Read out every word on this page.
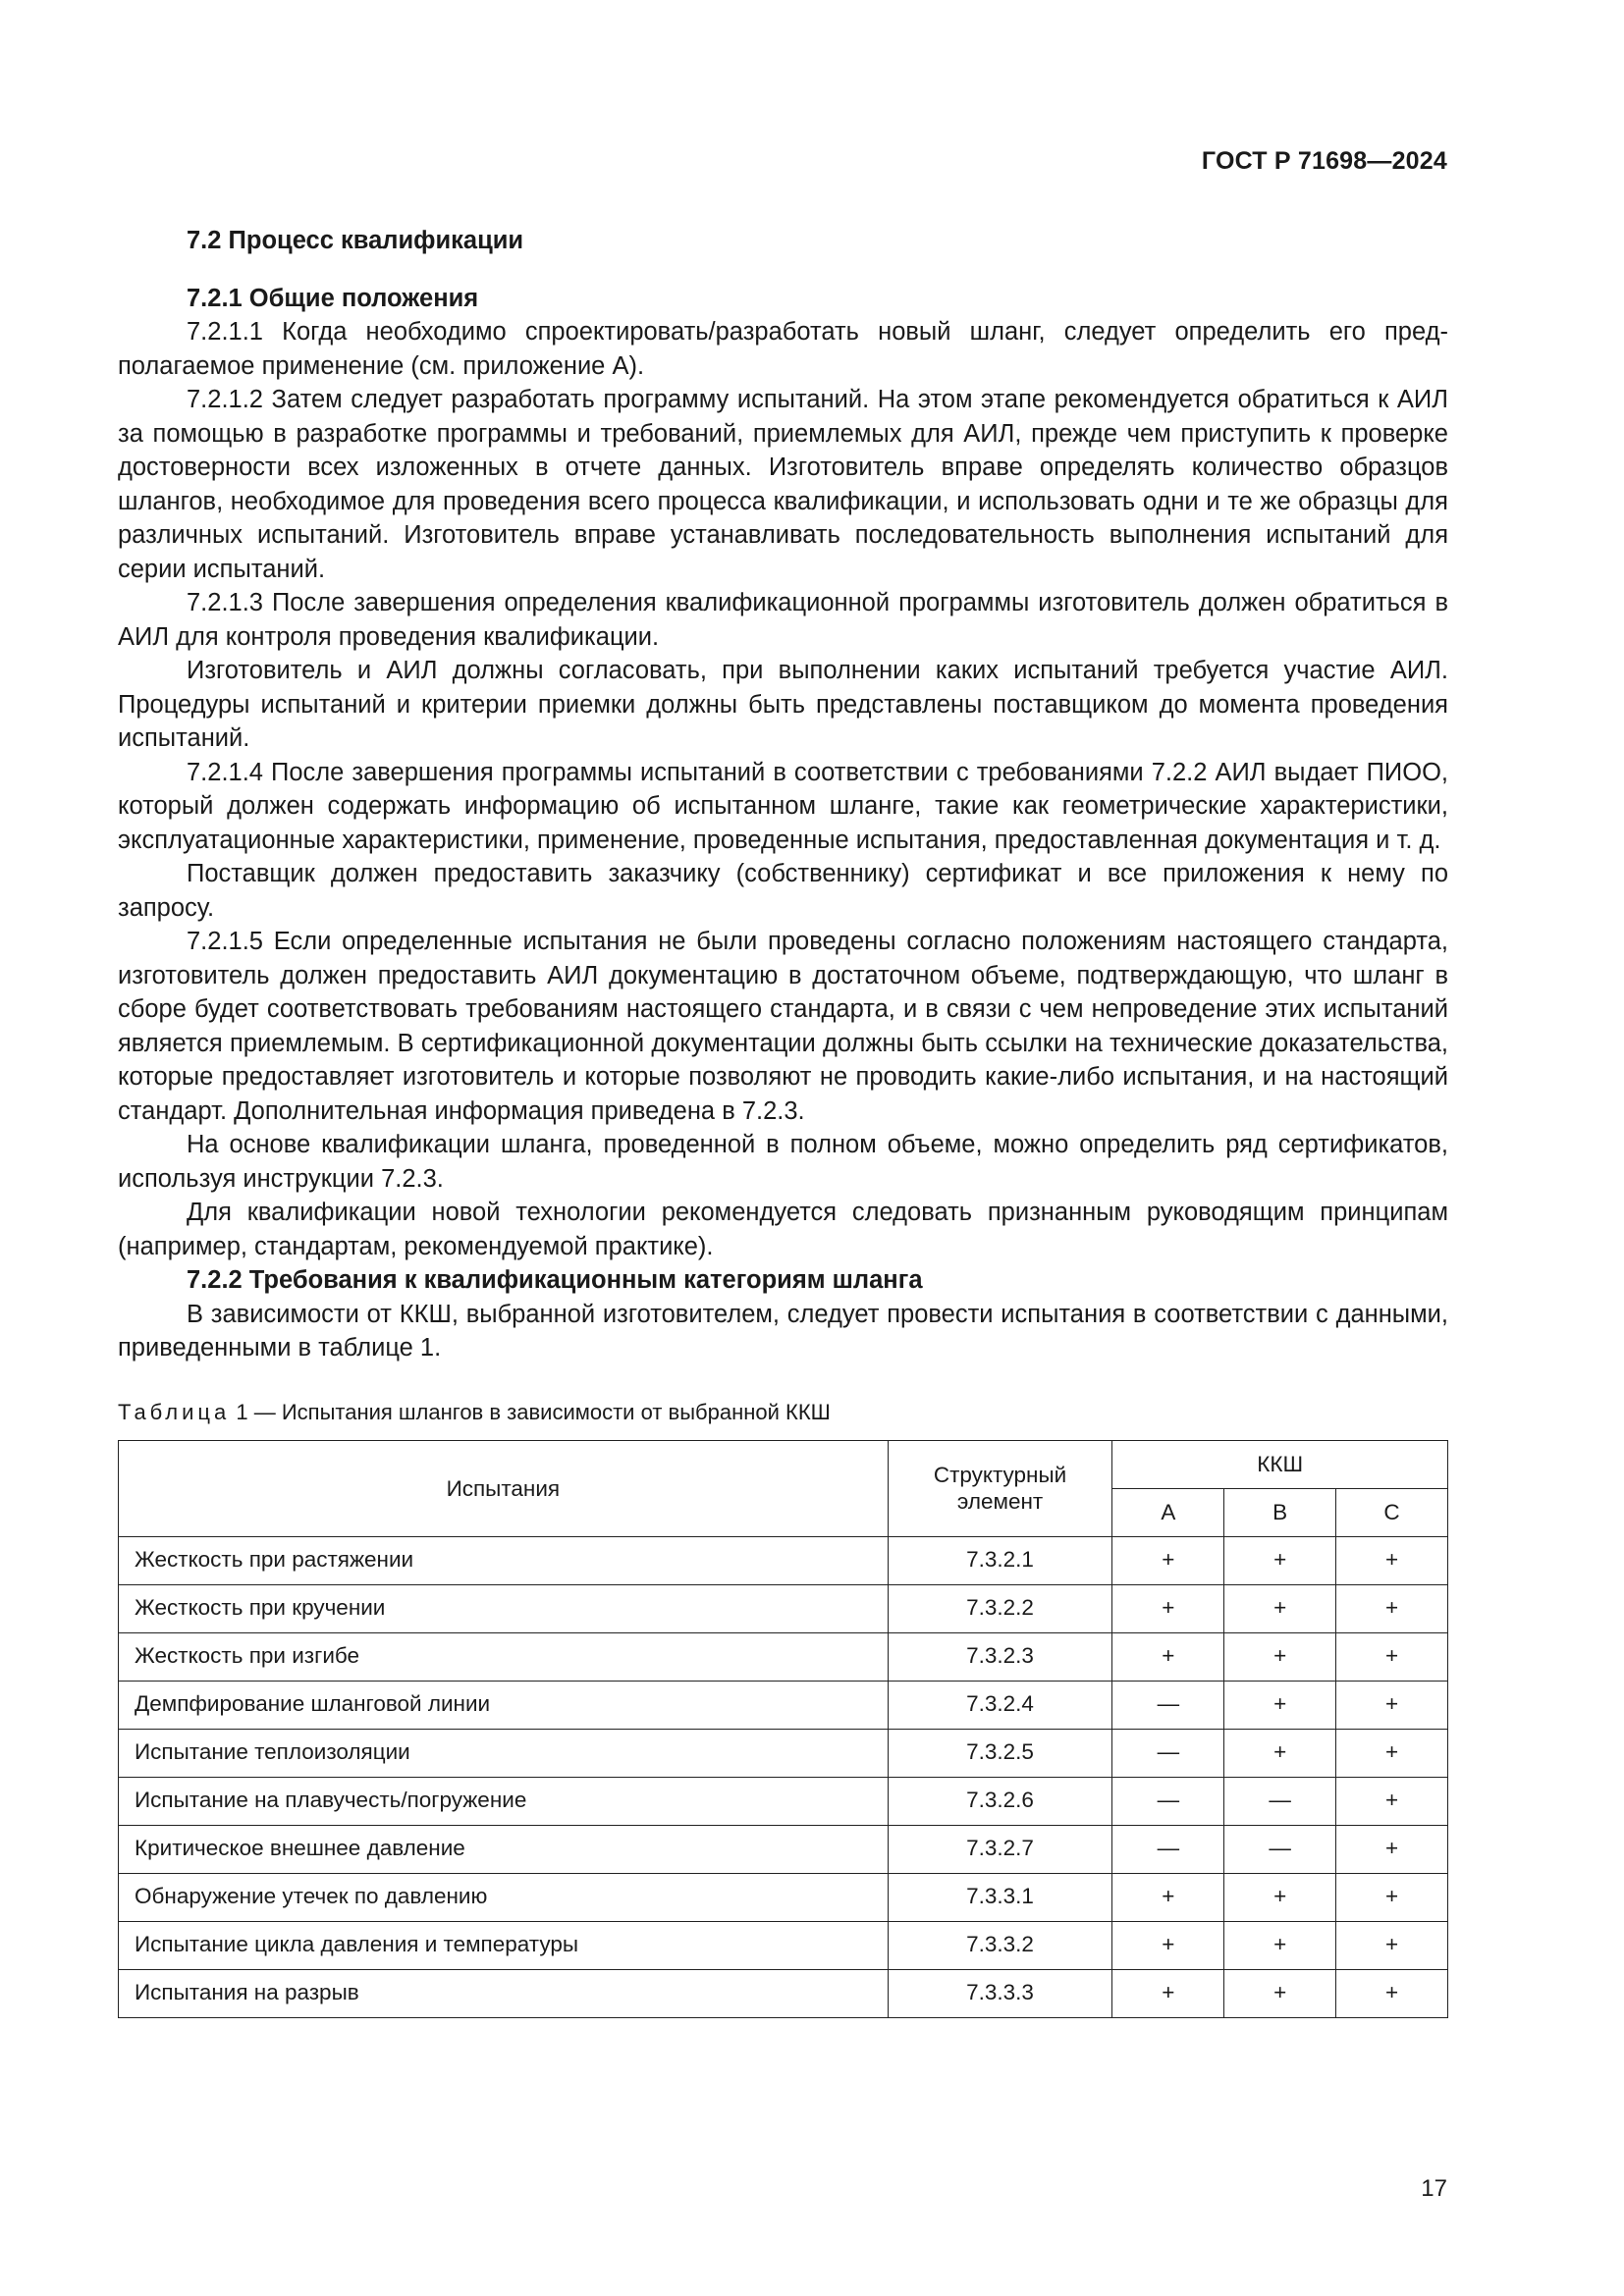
ГОСТ Р 71698—2024
7.2 Процесс квалификации
7.2.1 Общие положения

7.2.1.1 Когда необходимо спроектировать/разработать новый шланг, следует определить его предполагаемое применение (см. приложение А).

7.2.1.2 Затем следует разработать программу испытаний. На этом этапе рекомендуется обратиться к АИЛ за помощью в разработке программы и требований, приемлемых для АИЛ, прежде чем приступить к проверке достоверности всех изложенных в отчете данных. Изготовитель вправе определять количество образцов шлангов, необходимое для проведения всего процесса квалификации, и использовать одни и те же образцы для различных испытаний. Изготовитель вправе устанавливать последовательность выполнения испытаний для серии испытаний.

7.2.1.3 После завершения определения квалификационной программы изготовитель должен обратиться в АИЛ для контроля проведения квалификации.

Изготовитель и АИЛ должны согласовать, при выполнении каких испытаний требуется участие АИЛ. Процедуры испытаний и критерии приемки должны быть представлены поставщиком до момента проведения испытаний.

7.2.1.4 После завершения программы испытаний в соответствии с требованиями 7.2.2 АИЛ выдает ПИОО, который должен содержать информацию об испытанном шланге, такие как геометрические характеристики, эксплуатационные характеристики, применение, проведенные испытания, предоставленная документация и т. д.

Поставщик должен предоставить заказчику (собственнику) сертификат и все приложения к нему по запросу.

7.2.1.5 Если определенные испытания не были проведены согласно положениям настоящего стандарта, изготовитель должен предоставить АИЛ документацию в достаточном объеме, подтверждающую, что шланг в сборе будет соответствовать требованиям настоящего стандарта, и в связи с чем непроведение этих испытаний является приемлемым. В сертификационной документации должны быть ссылки на технические доказательства, которые предоставляет изготовитель и которые позволяют не проводить какие-либо испытания, и на настоящий стандарт. Дополнительная информация приведена в 7.2.3.

На основе квалификации шланга, проведенной в полном объеме, можно определить ряд сертификатов, используя инструкции 7.2.3.

Для квалификации новой технологии рекомендуется следовать признанным руководящим принципам (например, стандартам, рекомендуемой практике).

7.2.2 Требования к квалификационным категориям шланга

В зависимости от ККШ, выбранной изготовителем, следует провести испытания в соответствии с данными, приведенными в таблице 1.

Таблица 1 — Испытания шлангов в зависимости от выбранной ККШ
Испытания	Структурный элемент	ККШ		
		А	В	С
Жесткость при растяжении	7.3.2.1	+	+	+
Жесткость при кручении	7.3.2.2	+	+	+
Жесткость при изгибе	7.3.2.3	+	+	+
Демпфирование шланговой линии	7.3.2.4	—	+	+
Испытание теплоизоляции	7.3.2.5	—	+	+
Испытание на плавучесть/погружение	7.3.2.6	—	—	+
Критическое внешнее давление	7.3.2.7	—	—	+
Обнаружение утечек по давлению	7.3.3.1	+	+	+
Испытание цикла давления и температуры	7.3.3.2	+	+	+
Испытания на разрыв	7.3.3.3	+	+	+
17
